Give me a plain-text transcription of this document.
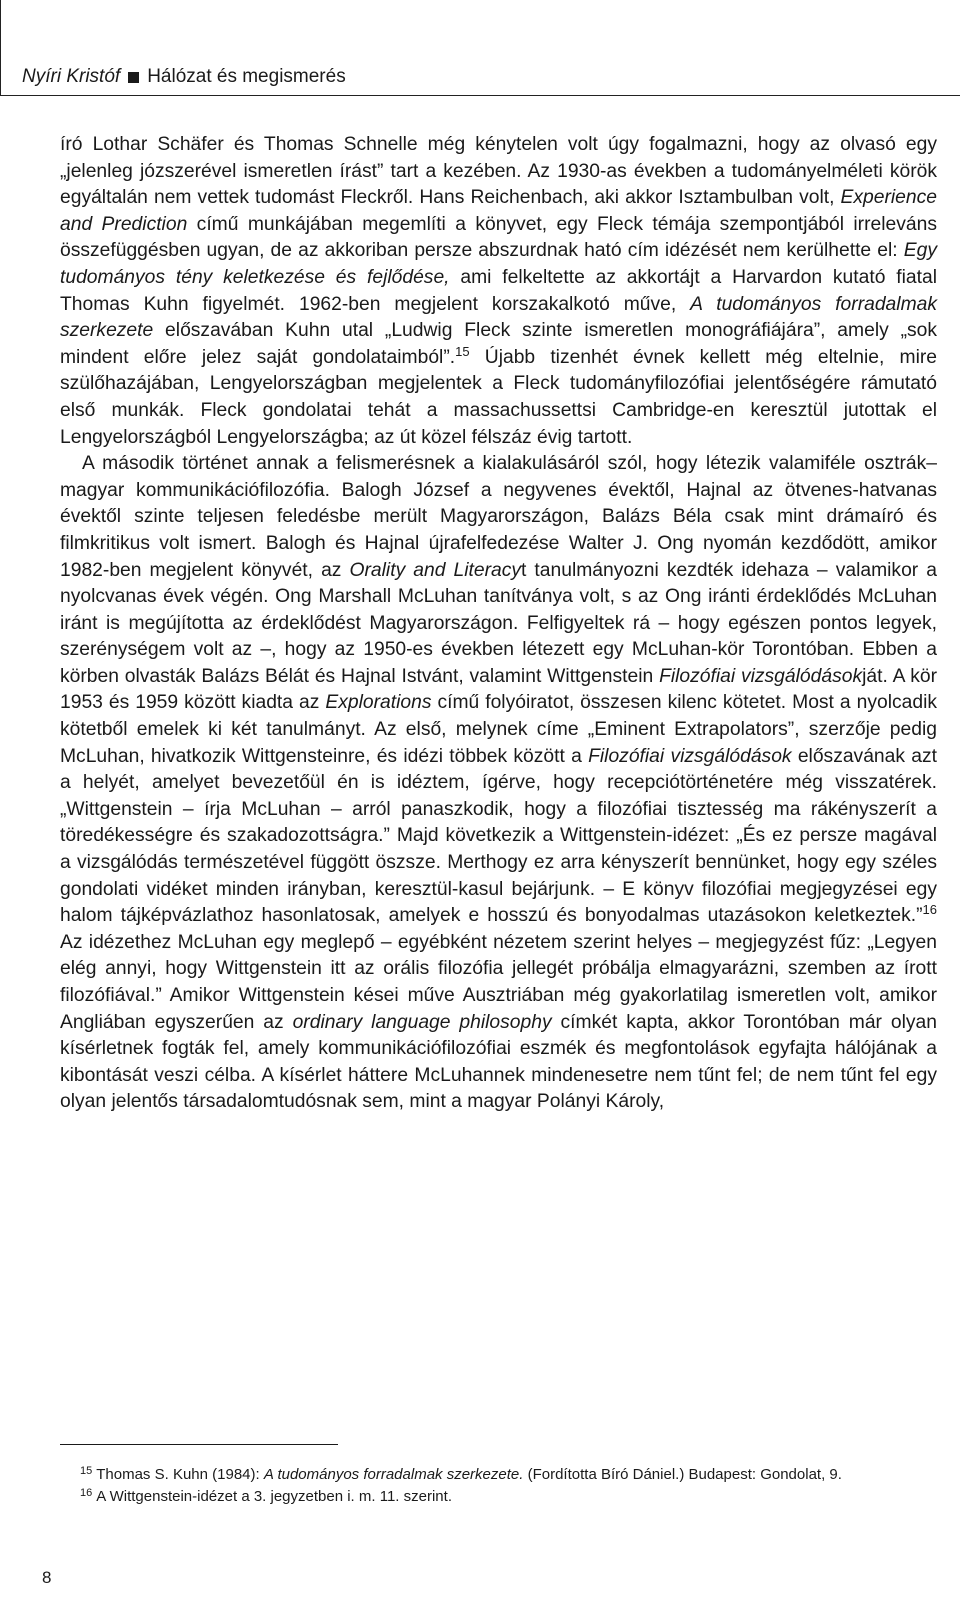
Nyíri Kristóf Hálózat és megismerés

író Lothar Schäfer és Thomas Schnelle még kénytelen volt úgy fogalmazni, hogy az olvasó egy „jelenleg józszerével ismeretlen írást” tart a kezében. Az 1930-as években a tudományelméleti körök egyáltalán nem vettek tudomást Fleckről. Hans Reichenbach, aki akkor Isztambulban volt, Experience and Prediction című munkájában megemlíti a könyvet, egy Fleck témája szempontjából irreleváns összefüggésben ugyan, de az akkoriban persze abszurdnak ható cím idézését nem kerülhette el: Egy tudományos tény keletkezése és fejlődése, ami felkeltette az akkortájt a Harvardon kutató fiatal Thomas Kuhn figyelmét. 1962-ben megjelent korszakalkotó műve, A tudományos forradalmak szerkezete előszavában Kuhn utal „Ludwig Fleck szinte ismeretlen monográfiájára”, amely „sok mindent előre jelez saját gondolataimból”.$^{15}$ Újabb tizenhét évnek kellett még eltelnie, mire szülőhazájában, Lengyelországban megjelentek a Fleck tudományfilozófiai jelentőségére rámutató első munkák. Fleck gondolatai tehát a massachussettsi Cambridge-en keresztül jutottak el Lengyelországból Lengyelországba; az út közel félszáz évig tartott.

A második történet annak a felismerésnek a kialakulásáról szól, hogy létezik valamiféle osztrák–magyar kommunikációfilozófia. Balogh József a negyvenes évektől, Hajnal az ötvenes-hatvanas évektől szinte teljesen feledésbe merült Magyarországon, Balázs Béla csak mint drámaíró és filmkritikus volt ismert. Balogh és Hajnal újrafelfedezése Walter J. Ong nyomán kezdődött, amikor 1982-ben megjelent könyvét, az Orality and Literacyt tanulmányozni kezdték idehaza – valamikor a nyolcvanas évek végén. Ong Marshall McLuhan tanítványa volt, s az Ong iránti érdeklődés McLuhan iránt is megújította az érdeklődést Magyarországon. Felfigyeltek rá – hogy egészen pontos legyek, szerénységem volt az –, hogy az 1950-es években létezett egy McLuhan-kör Torontóban. Ebben a körben olvasták Balázs Bélát és Hajnal Istvánt, valamint Wittgenstein Filozófiai vizsgálódásokját. A kör 1953 és 1959 között kiadta az Explorations című folyóiratot, összesen kilenc kötetet. Most a nyolcadik kötetből emelek ki két tanulmányt. Az első, melynek címe „Eminent Extrapolators”, szerzője pedig McLuhan, hivatkozik Wittgensteinre, és idézi többek között a Filozófiai vizsgálódások előszavának azt a helyét, amelyet bevezetőül én is idéztem, ígérve, hogy recepciótörténetére még visszatérek. „Wittgenstein – írja McLuhan – arról panaszkodik, hogy a filozófiai tisztesség ma rákényszerít a töredékességre és szakadozottságra.” Majd következik a Wittgenstein-idézet: „És ez persze magával a vizsgálódás természetével függött öszsze. Merthogy ez arra kényszerít bennünket, hogy egy széles gondolati vidéket minden irányban, keresztül-kasul bejárjunk. – E könyv filozófiai megjegyzései egy halom tájképvázlathoz hasonlatosak, amelyek e hosszú és bonyodalmas utazásokon keletkeztek.”$^{16}$ Az idézethez McLuhan egy meglepő – egyébként nézetem szerint helyes – megjegyzést fűz: „Legyen elég annyi, hogy Wittgenstein itt az orális filozófia jellegét próbálja elmagyarázni, szemben az írott filozófiával.” Amikor Wittgenstein kései műve Ausztriában még gyakorlatilag ismeretlen volt, amikor Angliában egyszerűen az ordinary language philosophy címkét kapta, akkor Torontóban már olyan kísérletnek fogták fel, amely kommunikációfilozófiai eszmék és megfontolások egyfajta hálójának a kibontását veszi célba. A kísérlet háttere McLuhannek mindenesetre nem tűnt fel; de nem tűnt fel egy olyan jelentős társadalomtudósnak sem, mint a magyar Polányi Károly,

$^{15}$ Thomas S. Kuhn (1984): A tudományos forradalmak szerkezete. (Fordította Bíró Dániel.) Budapest: Gondolat, 9.

$^{16}$ A Wittgenstein-idézet a 3. jegyzetben i. m. 11. szerint.

8
